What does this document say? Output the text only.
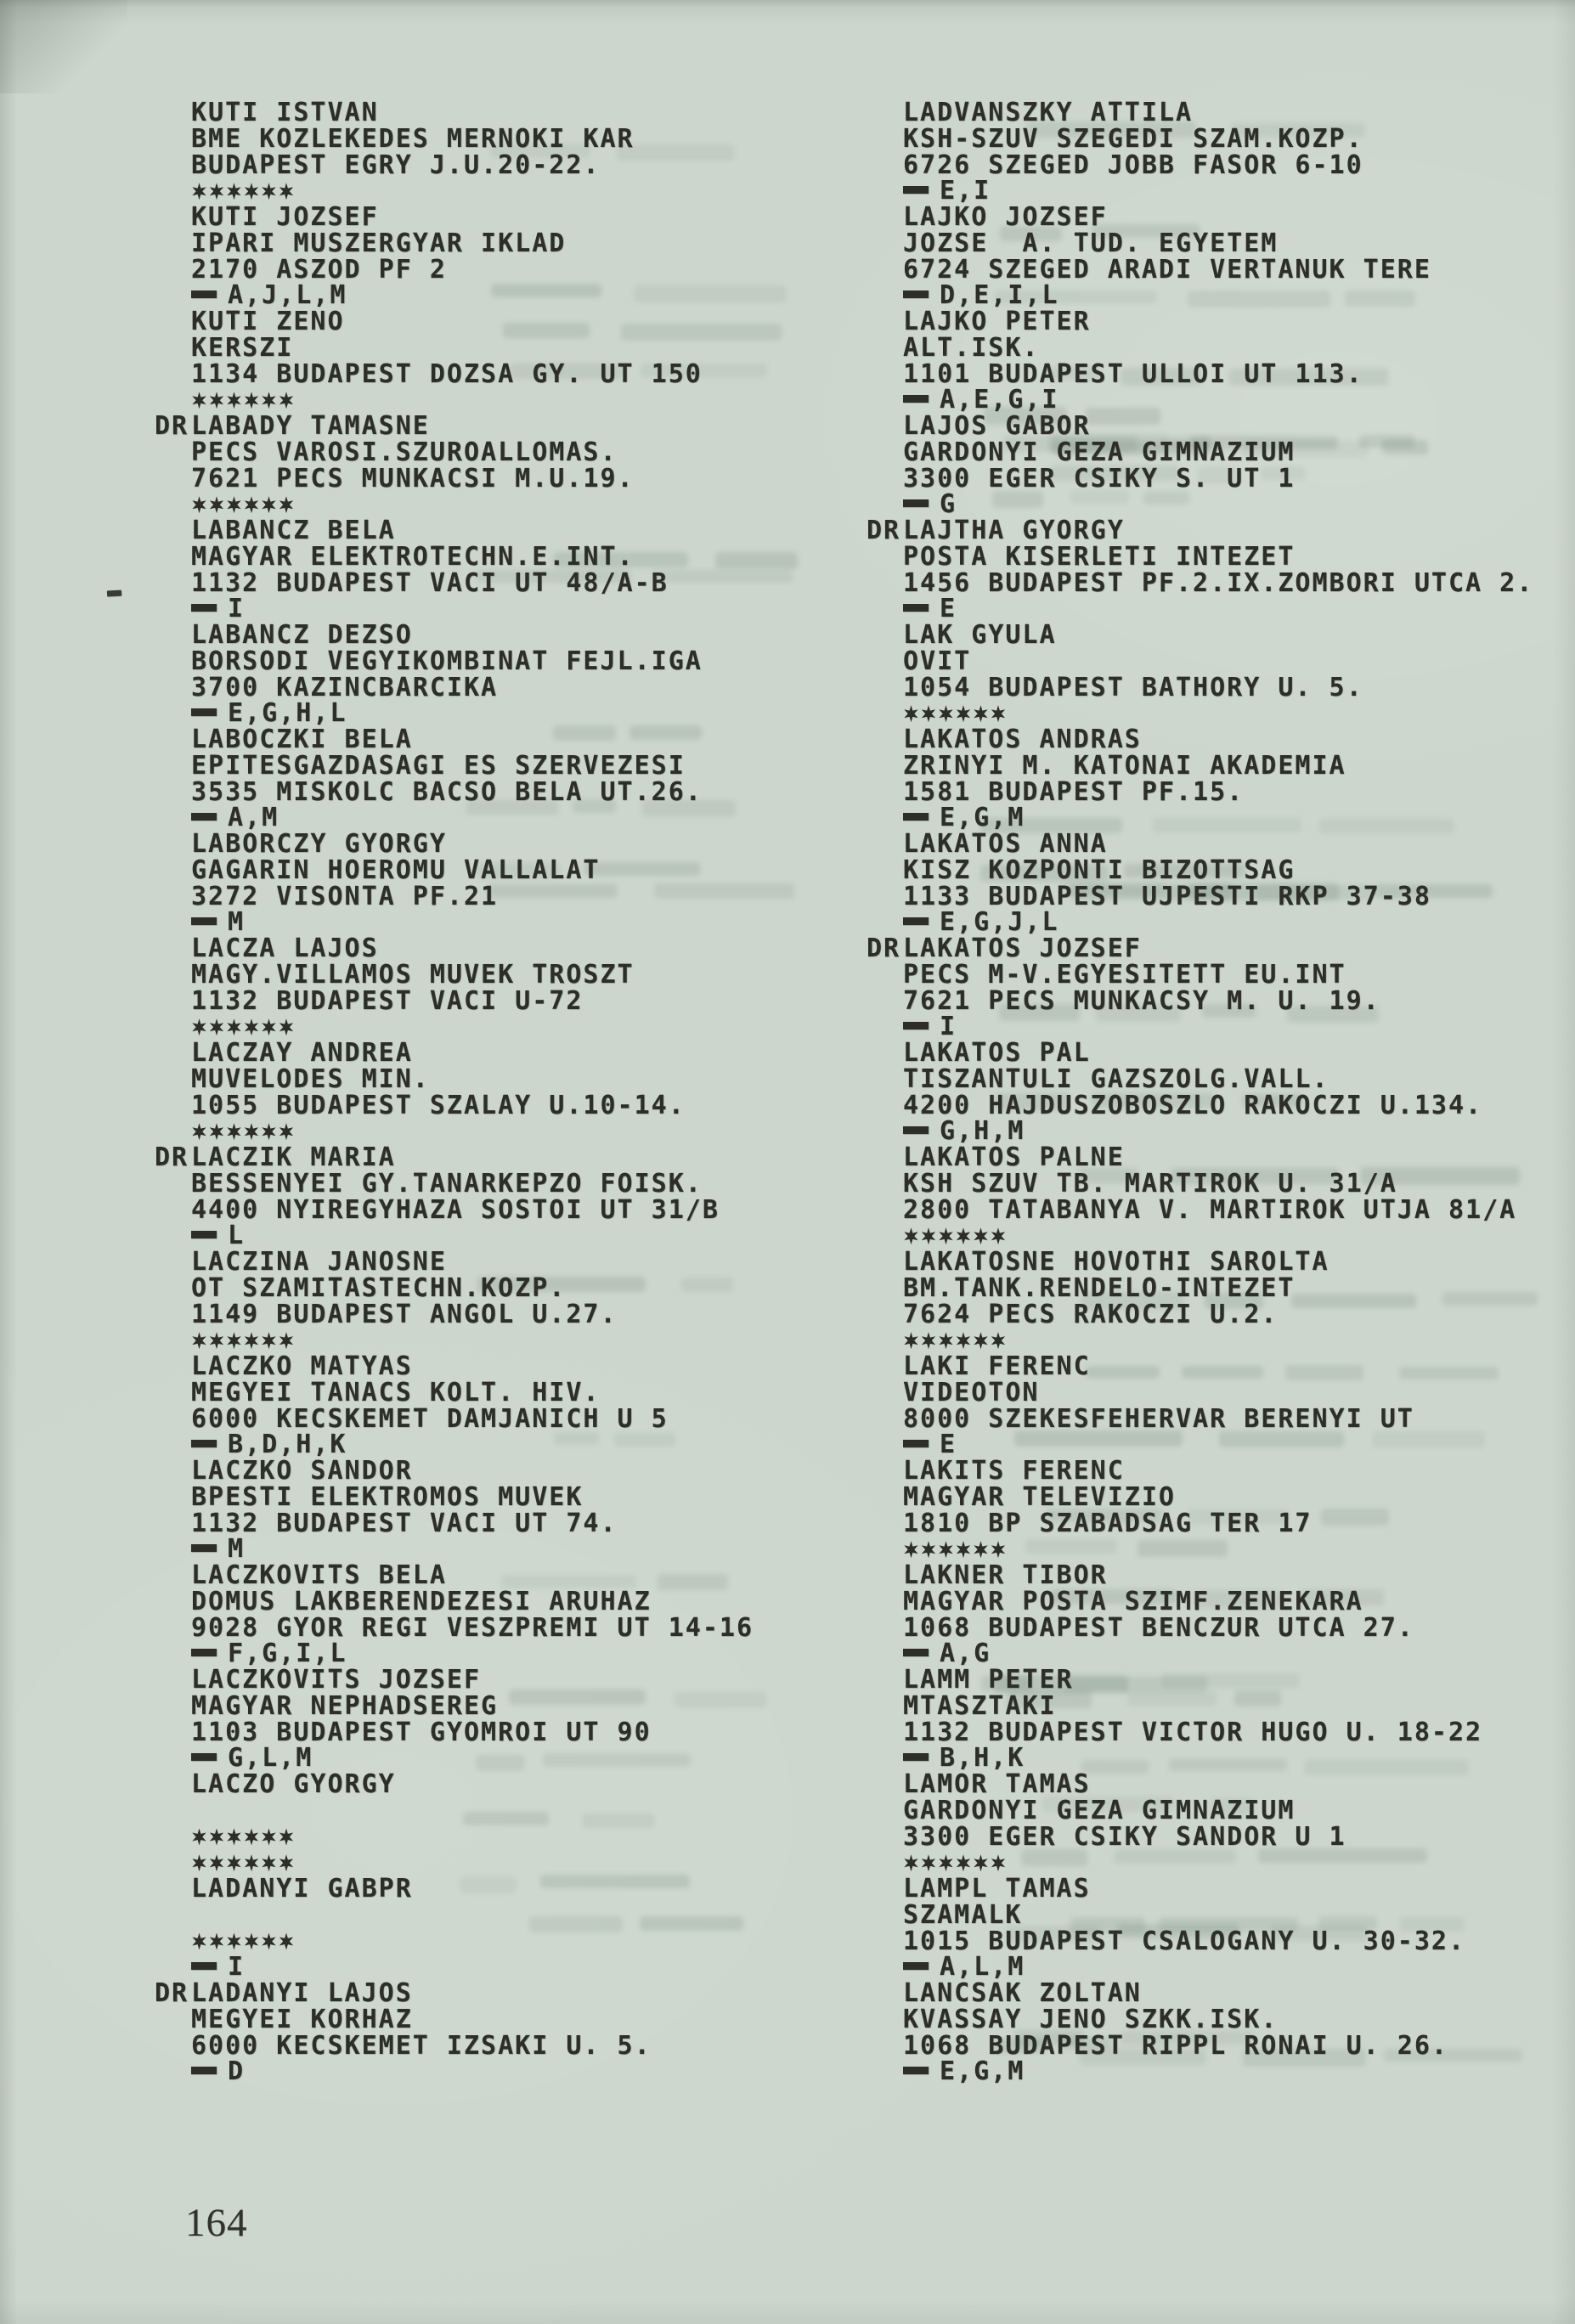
KUTI ISTVAN
BME KOZLEKEDES MERNOKI KAR
BUDAPEST EGRY J.U.20-22.
KUTI JOZSEF
IPARI MUSZERGYAR IKLAD
2170 ASZOD PF 2
A,J,L,M
KUTI ZENO
KERSZI
1134 BUDAPEST DOZSA GY. UT 150
DR LABADY TAMASNE
PECS VAROSI.SZUROALLOMAS.
7621 PECS MUNKACSI M.U.19.
LABANCZ BELA
MAGYAR ELEKTROTECHN.E.INT.
1132 BUDAPEST VACI UT 48/A-B
I
LABANCZ DEZSO
BORSODI VEGYIKOMBINAT FEJL.IGA
3700 KAZINCBARCIKA
E,G,H,L
LABOCZKI BELA
EPITESGAZDASAGI ES SZERVEZESI
3535 MISKOLC BACSO BELA UT.26.
A,M
LABORCZY GYORGY
GAGARIN HOEROMU VALLALAT
3272 VISONTA PF.21
M
LACZA LAJOS
MAGY.VILLAMOS MUVEK TROSZT
1132 BUDAPEST VACI U-72
LACZAY ANDREA
MUVELODES MIN.
1055 BUDAPEST SZALAY U.10-14.
DR LACZIK MARIA
BESSENYEI GY.TANARKEPZO FOISK.
4400 NYIREGYHAZA SOSTOI UT 31/B
L
LACZINA JANOSNE
OT SZAMITASTECHN.KOZP.
1149 BUDAPEST ANGOL U.27.
LACZKO MATYAS
MEGYEI TANACS KOLT. HIV.
6000 KECSKEMET DAMJANICH U 5
B,D,H,K
LACZKO SANDOR
BPESTI ELEKTROMOS MUVEK
1132 BUDAPEST VACI UT 74.
M
LACZKOVITS BELA
DOMUS LAKBERENDEZESI ARUHAZ
9028 GYOR REGI VESZPREMI UT 14-16
F,G,I,L
LACZKOVITS JOZSEF
MAGYAR NEPHADSEREG
1103 BUDAPEST GYOMROI UT 90
G,L,M
LACZO GYORGY

LADANYI GABPR

I
DR LADANYI LAJOS
MEGYEI KORHAZ
6000 KECSKEMET IZSAKI U. 5.
D
LADVANSZKY ATTILA
KSH-SZUV SZEGEDI SZAM.KOZP.
6726 SZEGED JOBB FASOR 6-10
E,I
LAJKO JOZSEF
JOZSE  A. TUD. EGYETEM
6724 SZEGED ARADI VERTANUK TERE
D,E,I,L
LAJKO PETER
ALT.ISK.
1101 BUDAPEST ULLOI UT 113.
A,E,G,I
LAJOS GABOR
GARDONYI GEZA GIMNAZIUM
3300 EGER CSIKY S. UT 1
G
DR LAJTHA GYORGY
POSTA KISERLETI INTEZET
1456 BUDAPEST PF.2.IX.ZOMBORI UTCA 2.
E
LAK GYULA
OVIT
1054 BUDAPEST BATHORY U. 5.
LAKATOS ANDRAS
ZRINYI M. KATONAI AKADEMIA
1581 BUDAPEST PF.15.
E,G,M
LAKATOS ANNA
KISZ KOZPONTI BIZOTTSAG
1133 BUDAPEST UJPESTI RKP 37-38
E,G,J,L
DR LAKATOS JOZSEF
PECS M-V.EGYESITETT EU.INT
7621 PECS MUNKACSY M. U. 19.
I
LAKATOS PAL
TISZANTULI GAZSZOLG.VALL.
4200 HAJDUSZOBOSZLO RAKOCZI U.134.
G,H,M
LAKATOS PALNE
KSH SZUV TB. MARTIROK U. 31/A
2800 TATABANYA V. MARTIROK UTJA 81/A
LAKATOSNE HOVOTHI SAROLTA
BM.TANK.RENDELO-INTEZET
7624 PECS RAKOCZI U.2.
LAKI FERENC
VIDEOTON
8000 SZEKESFEHERVAR BERENYI UT
E
LAKITS FERENC
MAGYAR TELEVIZIO
1810 BP SZABADSAG TER 17
LAKNER TIBOR
MAGYAR POSTA SZIMF.ZENEKARA
1068 BUDAPEST BENCZUR UTCA 27.
A,G
LAMM PETER
MTASZTAKI
1132 BUDAPEST VICTOR HUGO U. 18-22
B,H,K
LAMOR TAMAS
GARDONYI GEZA GIMNAZIUM
3300 EGER CSIKY SANDOR U 1
LAMPL TAMAS
SZAMALK
1015 BUDAPEST CSALOGANY U. 30-32.
A,L,M
LANCSAK ZOLTAN
KVASSAY JENO SZKK.ISK.
1068 BUDAPEST RIPPL RONAI U. 26.
E,G,M
164
